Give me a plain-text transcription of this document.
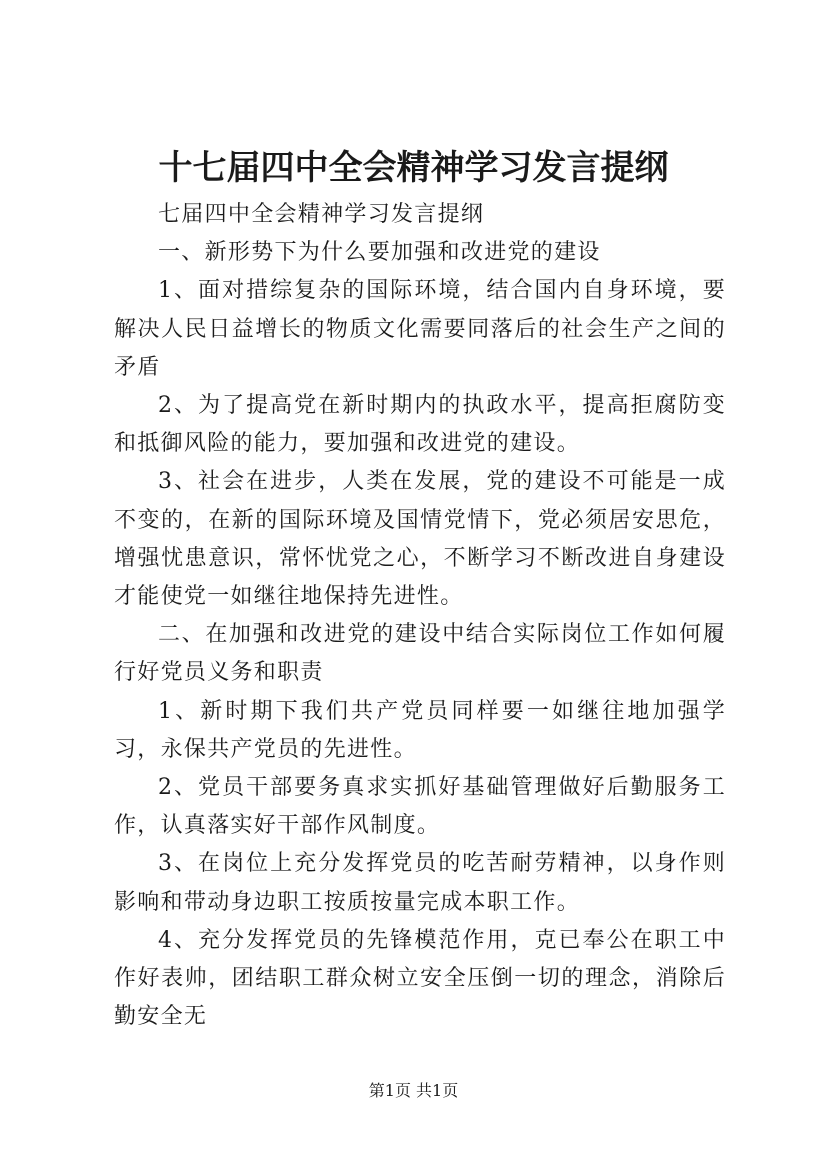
十七届四中全会精神学习发言提纲

七届四中全会精神学习发言提纲

一、新形势下为什么要加强和改进党的建设

1、面对措综复杂的国际环境，结合国内自身环境，要解决人民日益增长的物质文化需要同落后的社会生产之间的矛盾

2、为了提高党在新时期内的执政水平，提高拒腐防变和抵御风险的能力，要加强和改进党的建设。

3、社会在进步，人类在发展，党的建设不可能是一成不变的，在新的国际环境及国情党情下，党必须居安思危，增强忧患意识，常怀忧党之心，不断学习不断改进自身建设才能使党一如继往地保持先进性。

二、在加强和改进党的建设中结合实际岗位工作如何履行好党员义务和职责

1、新时期下我们共产党员同样要一如继往地加强学习，永保共产党员的先进性。

2、党员干部要务真求实抓好基础管理做好后勤服务工作，认真落实好干部作风制度。

3、在岗位上充分发挥党员的吃苦耐劳精神，以身作则影响和带动身边职工按质按量完成本职工作。

4、充分发挥党员的先锋模范作用，克已奉公在职工中作好表帅，团结职工群众树立安全压倒一切的理念，消除后勤安全无

第1页 共1页
